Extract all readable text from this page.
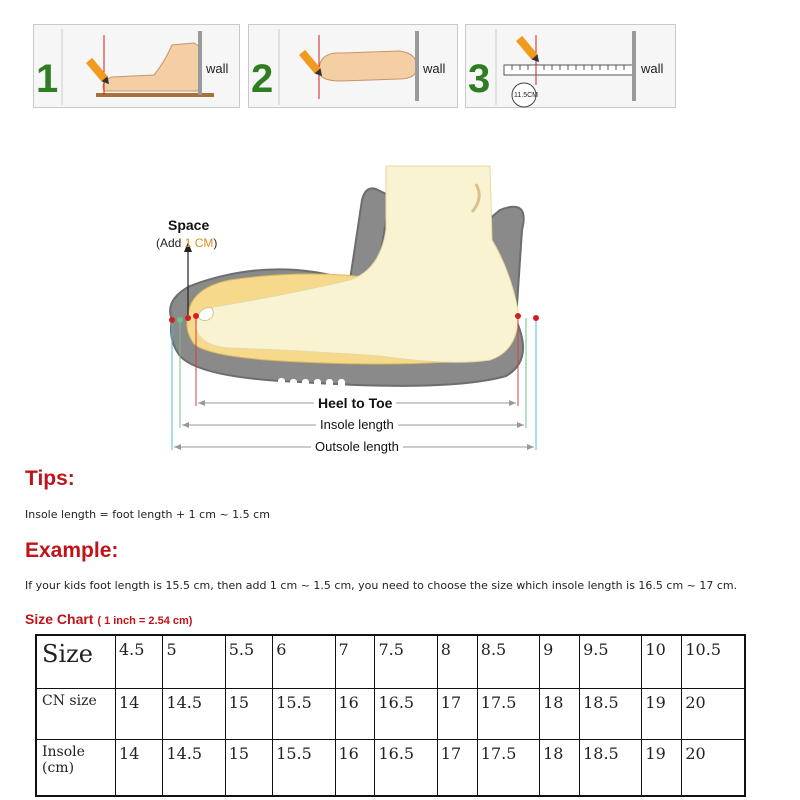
1	wall 2	wall 3	11.5CM
wall
Space
(Add 1 CM)
Heel to Toe
Insole length
Outsole length
Tips:
Insole length = foot length + 1 cm ~ 1.5 cm
Example:
If your kids foot length is 15.5 cm, then add 1 cm ~ 1.5 cm, you need to choose the size which insole length is 16.5 cm ~ 17 cm.
Size Chart ( 1 inch = 2.54 cm)
Size	4.5	5	5.5	6	7	7.5	8	8.5	9	9.5	10	10.5
CN size	14	14.5	15	15.5	16	16.5	17	17.5	18	18.5	19	20
Insole (cm)	14	14.5	15	15.5	16	16.5	17	17.5	18	18.5	19	20
